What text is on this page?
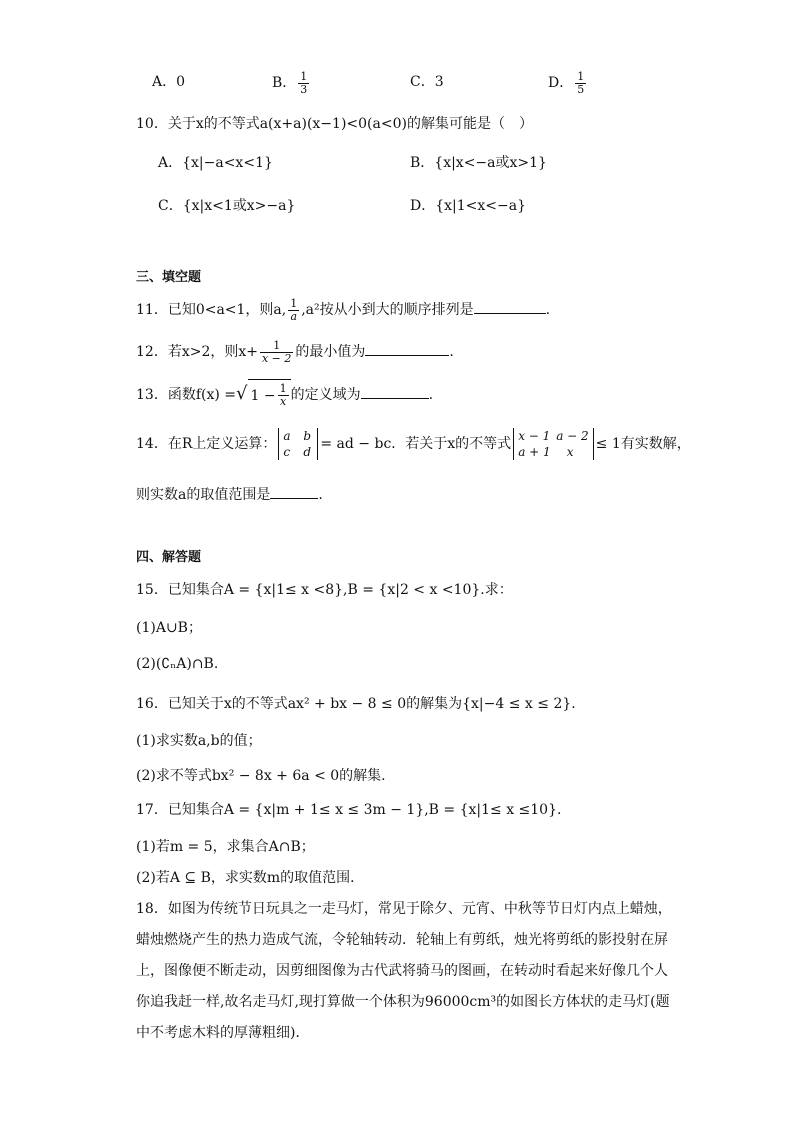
A．0	B． $\frac{1}{3}$	C．3	D． $\frac{1}{5}$
10．关于x的不等式a(x+a)(x−1)<0(a<0)的解集可能是（　）
A．{x|−a<x<1}	B．{x|x<−a或x>1}
C．{x|x<1或x>−a}	D．{x|1<x<−a}
三、填空题
11．已知0<a<1，则a, $\frac{1}{a} ,a^2$按从小到大的顺序排列是	.
12．若x>2，则$x+ \frac{1}{x - 2}$ 的最小值为	.
13．函数f(x) =√ $1 - \frac{1}{x}$ 的定义域为	.
14．在R上定义运算： a b
c d = ad − bc．若关于x的不等式 x − 1 a − 2
a + 1 x	≤ 1有实数解，
则实数a的取值范围是	.
四、解答题
15．已知集合A = {x|1≤ x <8},B = {x|2 < x <10}.求：
(1)A∪B；
(2)(∁ₙA)∩B.
16．已知关于x的不等式ax² + bx − 8 ≤ 0的解集为{x|−4 ≤ x ≤ 2}.
(1)求实数a,b的值；
(2)求不等式bx² − 8x + 6a < 0的解集.
17．已知集合A = {x|m + 1≤ x ≤ 3m − 1},B = {x|1≤ x ≤10}.
(1)若m = 5，求集合A∩B；
(2)若A ⊆ B，求实数m的取值范围．
18．如图为传统节日玩具之一走马灯，常见于除夕、元宵、中秋等节日灯内点上蜡烛，
蜡烛燃烧产生的热力造成气流，令轮轴转动．轮轴上有剪纸，烛光将剪纸的影投射在屏
上，图像便不断走动，因剪细图像为古代武将骑马的图画，在转动时看起来好像几个人
你追我赶一样,故名走马灯,现打算做一个体积为96000cm³的如图长方体状的走马灯(题
中不考虑木料的厚薄粗细)．
